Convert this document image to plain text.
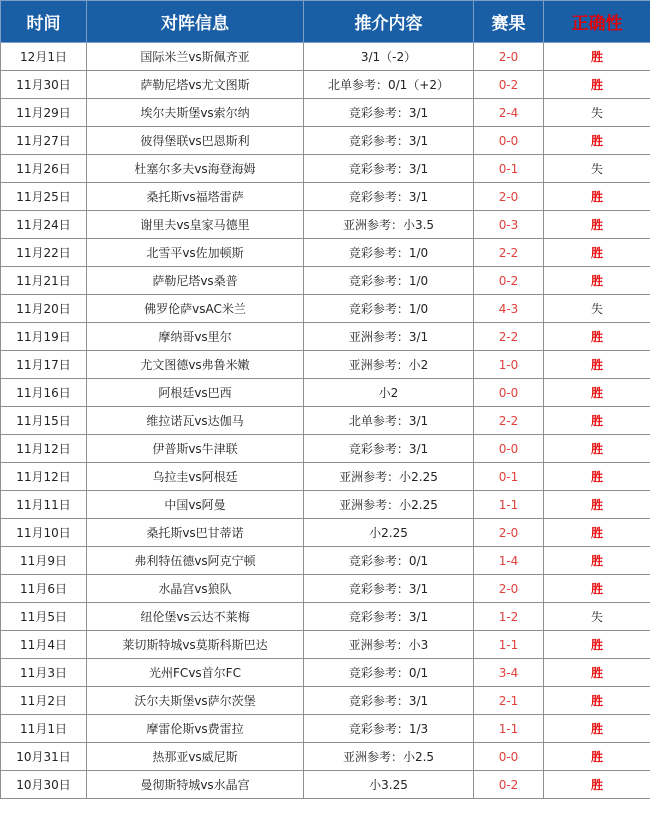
时间	对阵信息	推介内容	赛果	正确性
12月1日	国际米兰vs斯佩齐亚	3/1（-2）	2-0	胜
11月30日	萨勒尼塔vs尤文图斯	北单参考：0/1（+2）	0-2	胜
11月29日	埃尔夫斯堡vs索尔纳	竞彩参考：3/1	2-4	失
11月27日	彼得堡联vs巴恩斯利	竞彩参考：3/1	0-0	胜
11月26日	杜塞尔多夫vs海登海姆	竞彩参考：3/1	0-1	失
11月25日	桑托斯vs福塔雷萨	竞彩参考：3/1	2-0	胜
11月24日	谢里夫vs皇家马德里	亚洲参考：小3.5	0-3	胜
11月22日	北雪平vs佐加顿斯	竞彩参考：1/0	2-2	胜
11月21日	萨勒尼塔vs桑普	竞彩参考：1/0	0-2	胜
11月20日	佛罗伦萨vsAC米兰	竞彩参考：1/0	4-3	失
11月19日	摩纳哥vs里尔	亚洲参考：3/1	2-2	胜
11月17日	尤文图德vs弗鲁米嫩	亚洲参考：小2	1-0	胜
11月16日	阿根廷vs巴西	小2	0-0	胜
11月15日	维拉诺瓦vs达伽马	北单参考：3/1	2-2	胜
11月12日	伊普斯vs牛津联	竞彩参考：3/1	0-0	胜
11月12日	乌拉圭vs阿根廷	亚洲参考：小2.25	0-1	胜
11月11日	中国vs阿曼	亚洲参考：小2.25	1-1	胜
11月10日	桑托斯vs巴甘蒂诺	小2.25	2-0	胜
11月9日	弗利特伍德vs阿克宁顿	竞彩参考：0/1	1-4	胜
11月6日	水晶宫vs狼队	竞彩参考：3/1	2-0	胜
11月5日	纽伦堡vs云达不莱梅	竞彩参考：3/1	1-2	失
11月4日	莱切斯特城vs莫斯科斯巴达	亚洲参考：小3	1-1	胜
11月3日	光州FCvs首尔FC	竞彩参考：0/1	3-4	胜
11月2日	沃尔夫斯堡vs萨尔茨堡	竞彩参考：3/1	2-1	胜
11月1日	摩雷伦斯vs费雷拉	竞彩参考：1/3	1-1	胜
10月31日	热那亚vs威尼斯	亚洲参考：小2.5	0-0	胜
10月30日	曼彻斯特城vs水晶宫	小3.25	0-2	胜
